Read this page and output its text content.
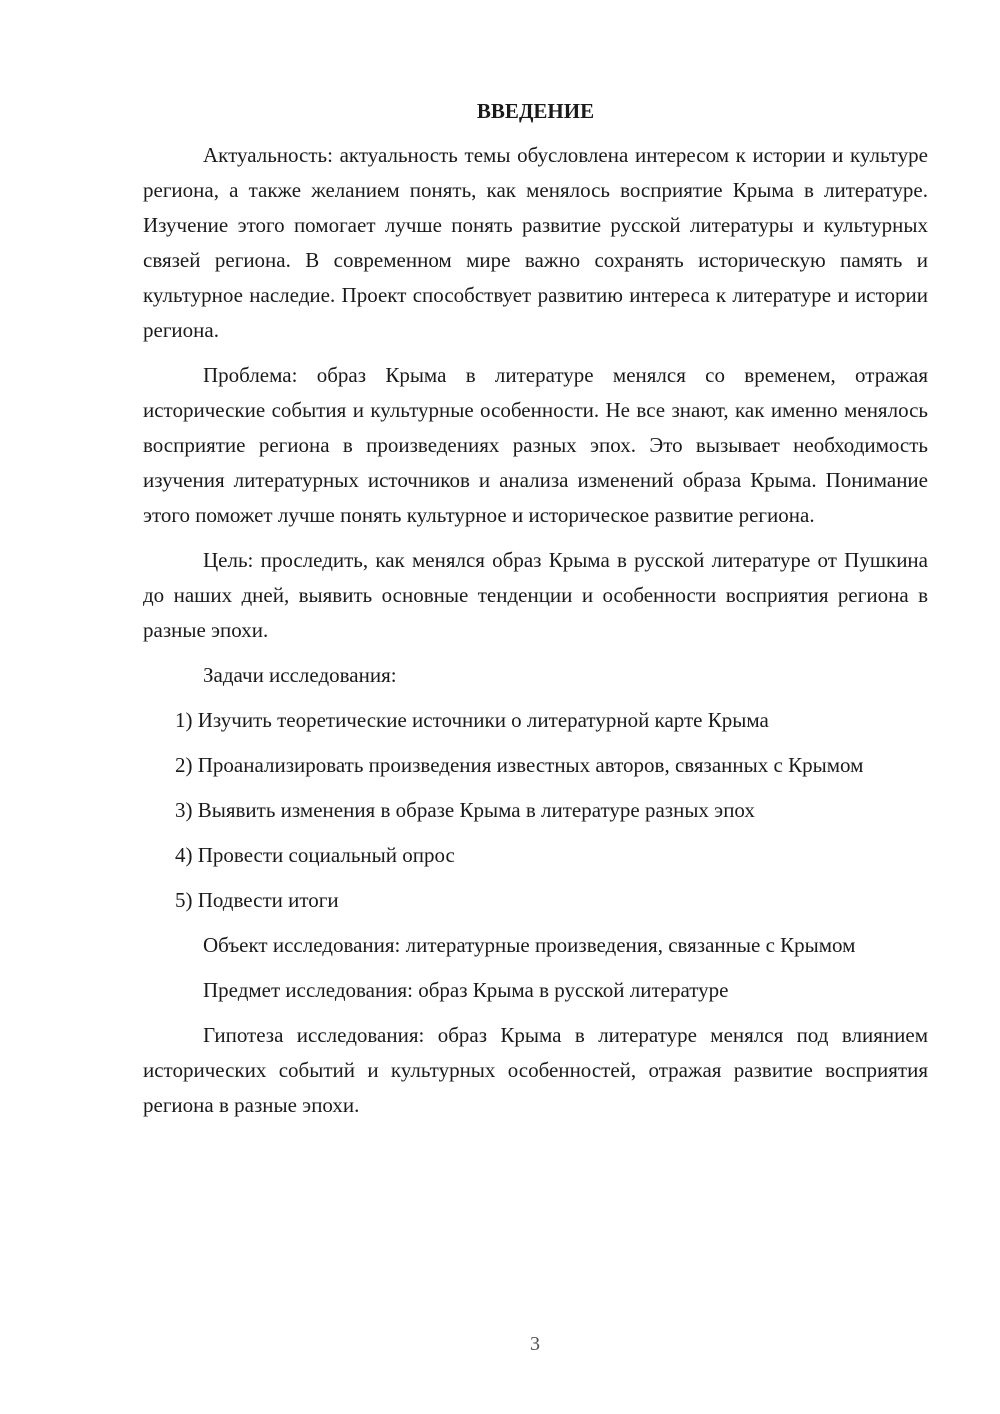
ВВЕДЕНИЕ

Актуальность: актуальность темы обусловлена интересом к истории и культуре региона, а также желанием понять, как менялось восприятие Крыма в литературе. Изучение этого помогает лучше понять развитие русской литературы и культурных связей региона. В современном мире важно сохранять историческую память и культурное наследие. Проект способствует развитию интереса к литературе и истории региона.

Проблема: образ Крыма в литературе менялся со временем, отражая исторические события и культурные особенности. Не все знают, как именно менялось восприятие региона в произведениях разных эпох. Это вызывает необходимость изучения литературных источников и анализа изменений образа Крыма. Понимание этого поможет лучше понять культурное и историческое развитие региона.

Цель: проследить, как менялся образ Крыма в русской литературе от Пушкина до наших дней, выявить основные тенденции и особенности восприятия региона в разные эпохи.

Задачи исследования:

1) Изучить теоретические источники о литературной карте Крыма

2) Проанализировать произведения известных авторов, связанных с Крымом

3) Выявить изменения в образе Крыма в литературе разных эпох

4) Провести социальный опрос

5) Подвести итоги

Объект исследования: литературные произведения, связанные с Крымом

Предмет исследования: образ Крыма в русской литературе

Гипотеза исследования: образ Крыма в литературе менялся под влиянием исторических событий и культурных особенностей, отражая развитие восприятия региона в разные эпохи.

3
